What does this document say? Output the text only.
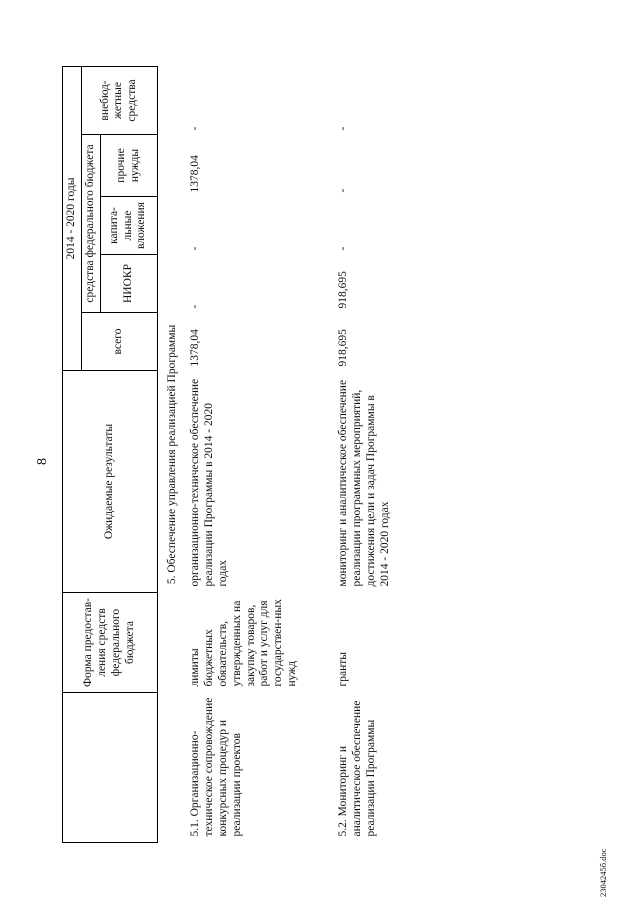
8
	Форма предостав-ления средств федерального бюджета	Ожидаемые результаты	2014 - 2020 годы				
			всего	средства федерального бюджета			внебюд-жетные средства
				НИОКР	капита-льные вложения	прочие нужды	

5. Обеспечение управления реализацией Программы							
5.1. Организационно-техническое сопровождение конкурсных процедур и реализации проектов	лимиты бюджетных обязательств, утвержденных на закупку товаров, работ и услуг для государствен-ных нужд	организационно-техническое обеспечение реализации Программы в 2014 - 2020 годах	1378,04	-	-	1378,04	-
5.2. Мониторинг и аналитическое обеспечение реализации Программы	гранты	мониторинг и аналитическое обеспечение реализации программных мероприятий, достижения цели и задач Программы в 2014 - 2020 годах	918,695	918,695	-	-	-
2304245б.doc
